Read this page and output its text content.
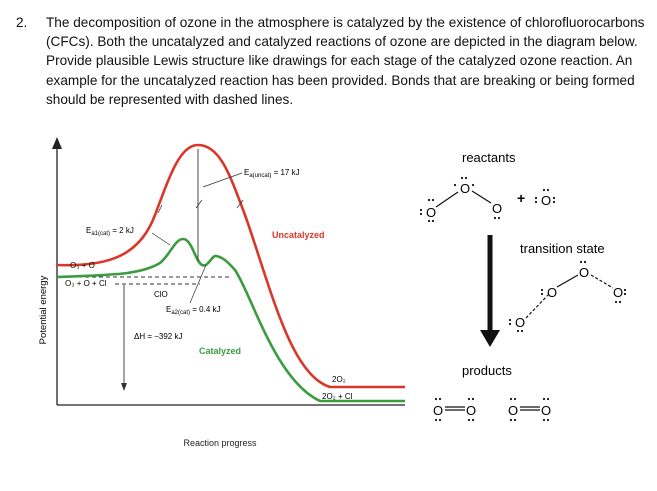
2. The decomposition of ozone in the atmosphere is catalyzed by the existence of chlorofluorocarbons (CFCs). Both the uncatalyzed and catalyzed reactions of ozone are depicted in the diagram below. Provide plausible Lewis structure like drawings for each stage of the catalyzed ozone reaction. An example for the uncatalyzed reaction has been provided. Bonds that are breaking or being formed should be represented with dashed lines.
Potential energy
Reaction progress
$E_{a(uncat)} = 17$ kJ
$E_{a1(cat)} = 2$ kJ
$E_{a2(cat)} = 0.4$ kJ
ΔH = −392 kJ
Uncatalyzed
Catalyzed
O₃ + O
O₃ + O + Cl
ClO
2O₂
2O₂ + Cl
reactants
O
O
O
+ O
transition state
O
O
O
O
products
O O O O
